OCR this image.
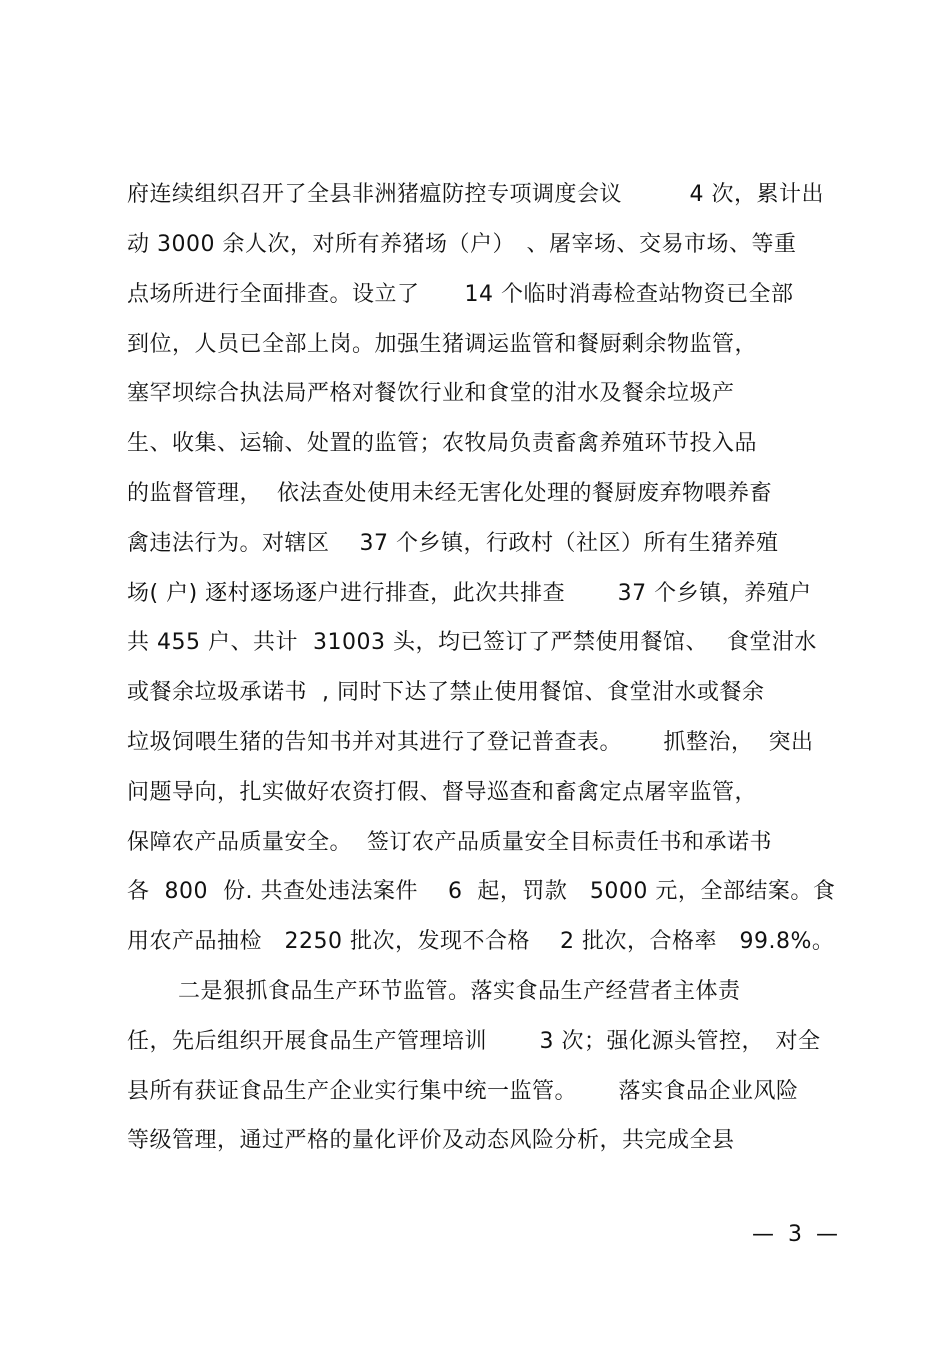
府连续组织召开了全县非洲猪瘟防控专项调度会议　　　4 次，累计出
动 3000 余人次，对所有养猪场（户）　、屠宰场、交易市场、等重
点场所进行全面排查。设立了　　14 个临时消毒检查站物资已全部
到位，人员已全部上岗。加强生猪调运监管和餐厨剩余物监管，
塞罕坝综合执法局严格对餐饮行业和食堂的泔水及餐余垃圾产
生、收集、运输、处置的监管；农牧局负责畜禽养殖环节投入品
的监督管理，  依法查处使用未经无害化处理的餐厨废弃物喂养畜
禽违法行为。对辖区　 37 个乡镇，行政村（社区）所有生猪养殖
场( 户) 逐村逐场逐户进行排查，此次共排查　　 37 个乡镇，养殖户
共 455 户、共计  31003 头，均已签订了严禁使用餐馆、　 食堂泔水
或餐余垃圾承诺书  , 同时下达了禁止使用餐馆、食堂泔水或餐余
垃圾饲喂生猪的告知书并对其进行了登记普查表。　　 抓整治，  突出
问题导向，扎实做好农资打假、督导巡查和畜禽定点屠宰监管，
保障农产品质量安全。  签订农产品质量安全目标责任书和承诺书
各  800  份. 共查处违法案件　 6  起，罚款　5000 元，全部结案。食
用农产品抽检　2250 批次，发现不合格　 2 批次，合格率　99.8%。
二是狠抓食品生产环节监管。落实食品生产经营者主体责
任，先后组织开展食品生产管理培训　　 3 次；强化源头管控，　对全
县所有获证食品生产企业实行集中统一监管。　　 落实食品企业风险
等级管理，通过严格的量化评价及动态风险分析，共完成全县
—  3  —
